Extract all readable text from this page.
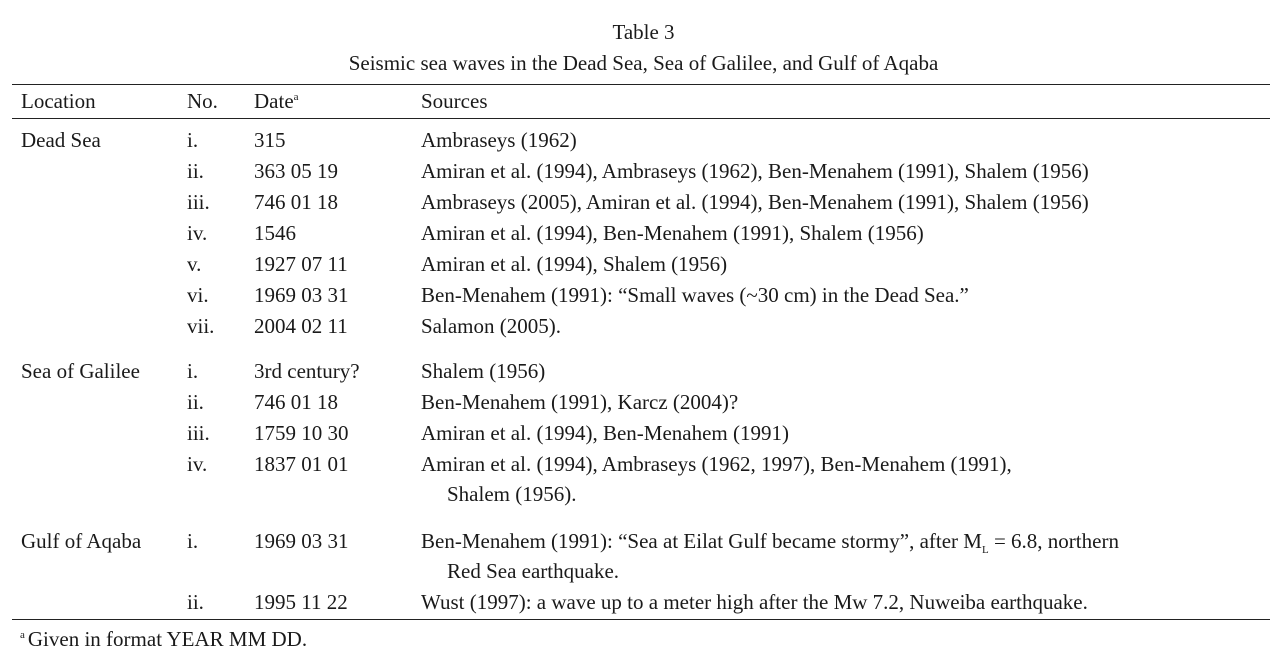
Table 3
Seismic sea waves in the Dead Sea, Sea of Galilee, and Gulf of Aqaba
Location	No. Date$^a$	Sources
Dead Sea	i.	315	Ambraseys (1962)
ii. 363 05 19	Amiran et al. (1994), Ambraseys (1962), Ben-Menahem (1991), Shalem (1956)
iii. 746 01 18	Ambraseys (2005), Amiran et al. (1994), Ben-Menahem (1991), Shalem (1956)
iv. 1546	Amiran et al. (1994), Ben-Menahem (1991), Shalem (1956)
v.	1927 07 11	Amiran et al. (1994), Shalem (1956)
vi. 1969 03 31	Ben-Menahem (1991): “Small waves (~30 cm) in the Dead Sea.”
vii. 2004 02 11	Salamon (2005).
Sea of Galilee i.	3rd century?	Shalem (1956)
ii. 746 01 18	Ben-Menahem (1991), Karcz (2004)?
iii. 1759 10 30	Amiran et al. (1994), Ben-Menahem (1991)
iv. 1837 01 01	Amiran et al. (1994), Ambraseys (1962, 1997), Ben-Menahem (1991),
Shalem (1956).
Gulf of Aqaba i.	1969 03 31	Ben-Menahem (1991): “Sea at Eilat Gulf became stormy”, after $M_L = 6.8$, northern
Red Sea earthquake.
ii. 1995 11 22	Wust (1997): a wave up to a meter high after the Mw 7.2, Nuweiba earthquake.
$^a$ Given in format YEAR MM DD.
